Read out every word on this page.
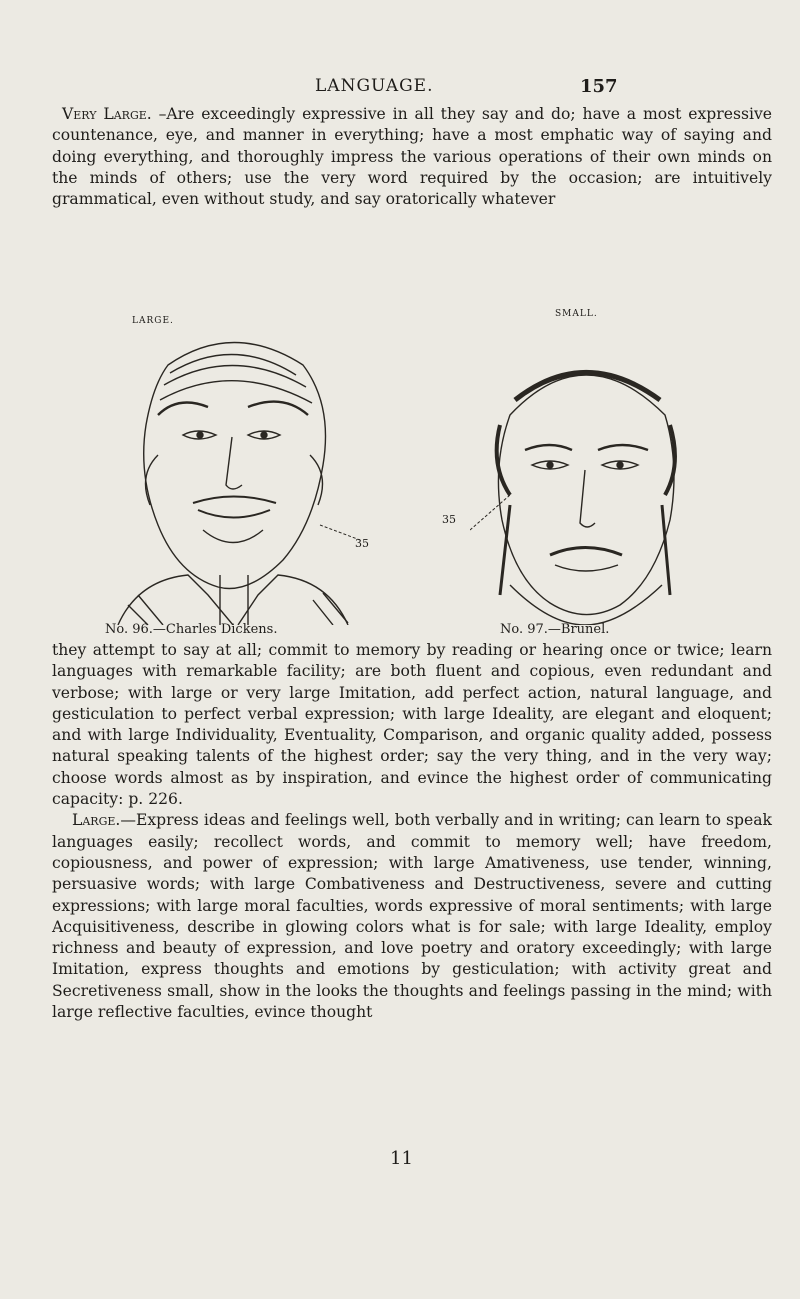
LANGUAGE.	157

Very Large. –Are exceedingly expressive in all they say and do; have a most expressive countenance, eye, and manner in everything; have a most emphatic way of saying and doing everything, and thoroughly impress the various operations of their own minds on the minds of others; use the very word required by the occasion; are intuitively grammatical, even without study, and say oratorically whatever

LARGE.
SMALL.
35
35
No. 96.—Charles Dickens.	No. 97.—Brunel.

they attempt to say at all; commit to memory by reading or hearing once or twice; learn languages with remarkable facility; are both fluent and copious, even redundant and verbose; with large or very large Imitation, add perfect action, natural language, and gesticulation to perfect verbal expression; with large Ideality, are elegant and eloquent; and with large Individuality, Eventuality, Comparison, and organic quality added, possess natural speaking talents of the highest order; say the very thing, and in the very way; choose words almost as by inspiration, and evince the highest order of communicating capacity: p. 226.

Large.—Express ideas and feelings well, both verbally and in writing; can learn to speak languages easily; recollect words, and commit to memory well; have freedom, copiousness, and power of expression; with large Amativeness, use tender, winning, persuasive words; with large Combativeness and Destructiveness, severe and cutting expressions; with large moral faculties, words expressive of moral sentiments; with large Acquisitiveness, describe in glowing colors what is for sale; with large Ideality, employ richness and beauty of expression, and love poetry and oratory exceedingly; with large Imitation, express thoughts and emotions by gesticulation; with activity great and Secretiveness small, show in the looks the thoughts and feelings passing in the mind; with large reflective faculties, evince thought

11
